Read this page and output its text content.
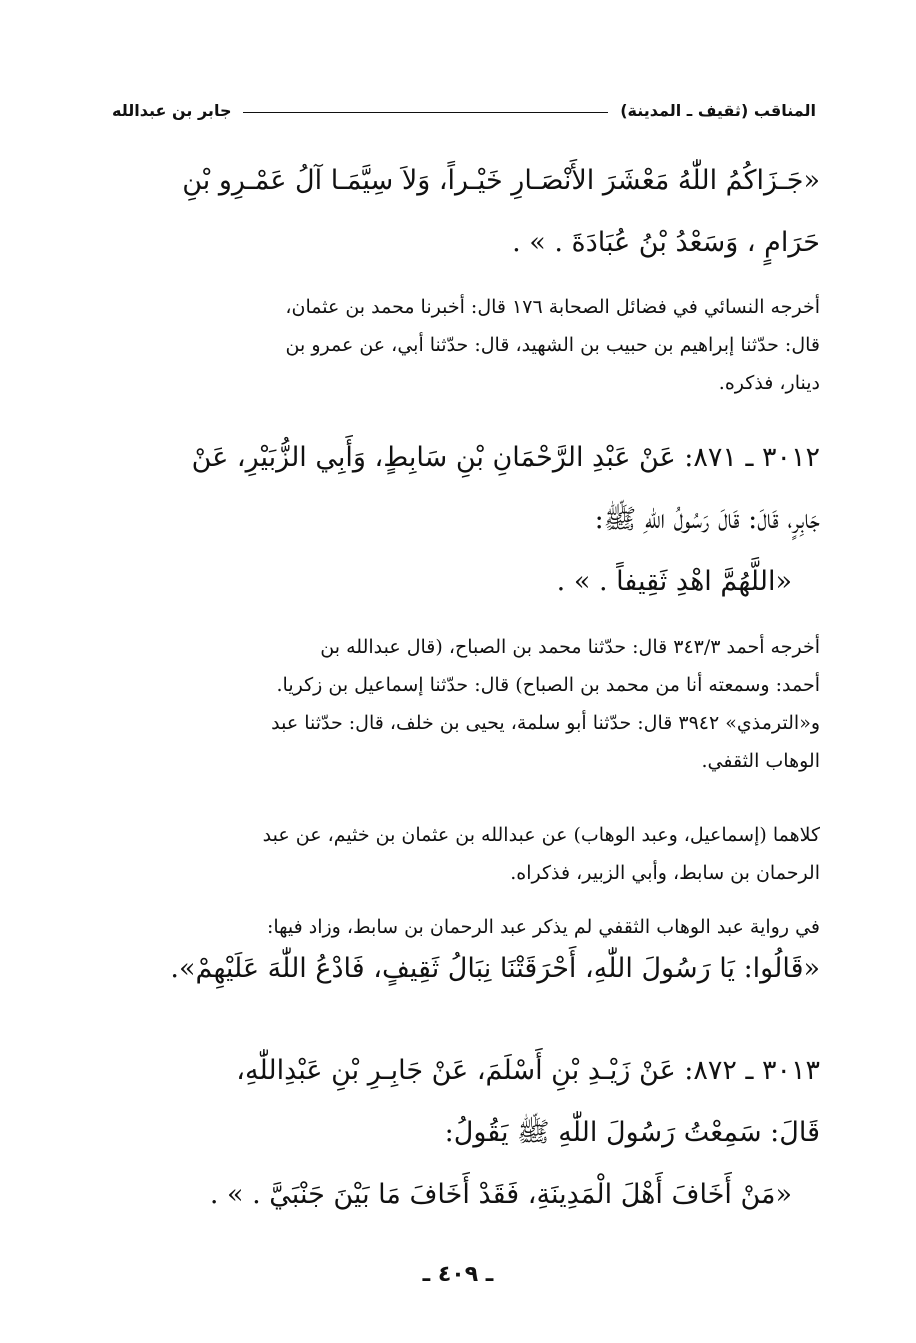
المناقب (ثقيف ـ المدينة)
جابر بن عبدالله
«جَـزَاكُمُ اللّٰهُ مَعْشَرَ الأَنْصَـارِ خَيْـراً، وَلاَ سِيَّمَـا آلُ عَمْـرِو بْنِ
حَرَامٍ ، وَسَعْدُ بْنُ عُبَادَةَ . » .
أخرجه النسائي في فضائل الصحابة ١٧٦ قال: أخبرنا محمد بن عثمان،
قال: حدّثنا إبراهيم بن حبيب بن الشهيد، قال: حدّثنا أبي، عن عمرو بن
دينار، فذكره.
٣٠١٢ ـ ٨٧١: عَنْ عَبْدِ الرَّحْمَانِ بْنِ سَابِطٍ، وَأَبِي الزُّبَيْرِ، عَنْ
جَابِرٍ، قَالَ: قَالَ رَسُولُ اللّٰهِ ﷺ:
«اللَّهُمَّ اهْدِ ثَقِيفاً . » .
أخرجه أحمد ٣٤٣/٣ قال: حدّثنا محمد بن الصباح، (قال عبدالله بن
أحمد: وسمعته أنا من محمد بن الصباح) قال: حدّثنا إسماعيل بن زكريا.
و«الترمذي» ٣٩٤٢ قال: حدّثنا أبو سلمة، يحيى بن خلف، قال: حدّثنا عبد
الوهاب الثقفي.
كلاهما (إسماعيل، وعبد الوهاب) عن عبدالله بن عثمان بن خثيم، عن عبد
الرحمان بن سابط، وأبي الزبير، فذكراه.
في رواية عبد الوهاب الثقفي لم يذكر عبد الرحمان بن سابط، وزاد فيها:
«قَالُوا: يَا رَسُولَ اللّٰهِ، أَحْرَقَتْنَا نِبَالُ ثَقِيفٍ، فَادْعُ اللّٰهَ عَلَيْهِمْ».
٣٠١٣ ـ ٨٧٢: عَنْ زَيْـدِ بْنِ أَسْلَمَ، عَنْ جَابِـرِ بْنِ عَبْدِاللّٰهِ،
قَالَ: سَمِعْتُ رَسُولَ اللّٰهِ ﷺ يَقُولُ:
«مَنْ أَخَافَ أَهْلَ الْمَدِينَةِ، فَقَدْ أَخَافَ مَا بَيْنَ جَنْبَيَّ . » .
ـ ٤٠٩ ـ
